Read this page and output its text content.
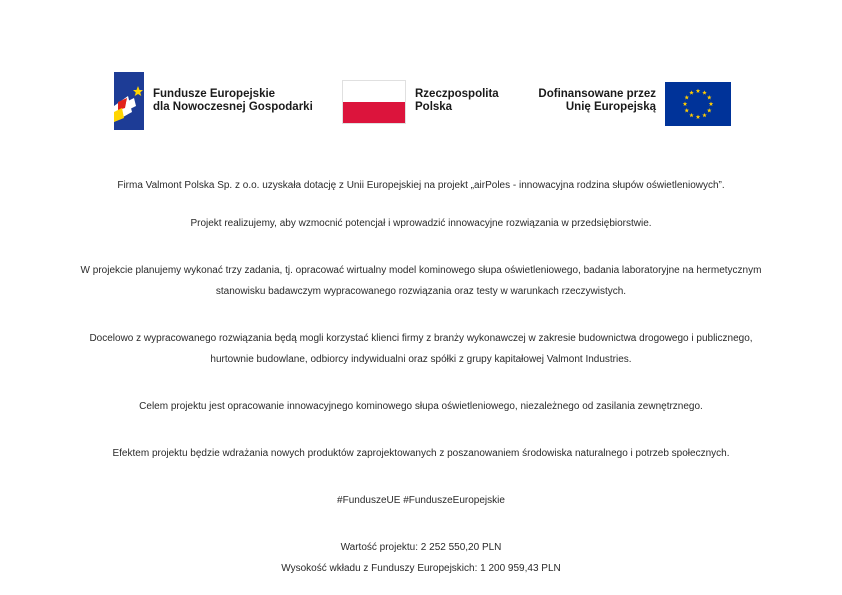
Fundusze Europejskie
dla Nowoczesnej Gospodarki
Rzeczpospolita
Polska
Dofinansowane przez
Unię Europejską

Firma Valmont Polska Sp. z o.o. uzyskała dotację z Unii Europejskiej na projekt „airPoles - innowacyjna rodzina słupów oświetleniowych”.

Projekt realizujemy, aby wzmocnić potencjał i wprowadzić innowacyjne rozwiązania w przedsiębiorstwie.

W projekcie planujemy wykonać trzy zadania, tj. opracować wirtualny model kominowego słupa oświetleniowego, badania laboratoryjne na hermetycznym

stanowisku badawczym wypracowanego rozwiązania oraz testy w warunkach rzeczywistych.

Docelowo z wypracowanego rozwiązania będą mogli korzystać klienci firmy z branży wykonawczej w zakresie budownictwa drogowego i publicznego,

hurtownie budowlane, odbiorcy indywidualni oraz spółki z grupy kapitałowej Valmont Industries.

Celem projektu jest opracowanie innowacyjnego kominowego słupa oświetleniowego, niezależnego od zasilania zewnętrznego.

Efektem projektu będzie wdrażania nowych produktów zaprojektowanych z poszanowaniem środowiska naturalnego i potrzeb społecznych.

#FunduszeUE #FunduszeEuropejskie

Wartość projektu: 2 252 550,20 PLN

Wysokość wkładu z Funduszy Europejskich: 1 200 959,43 PLN
